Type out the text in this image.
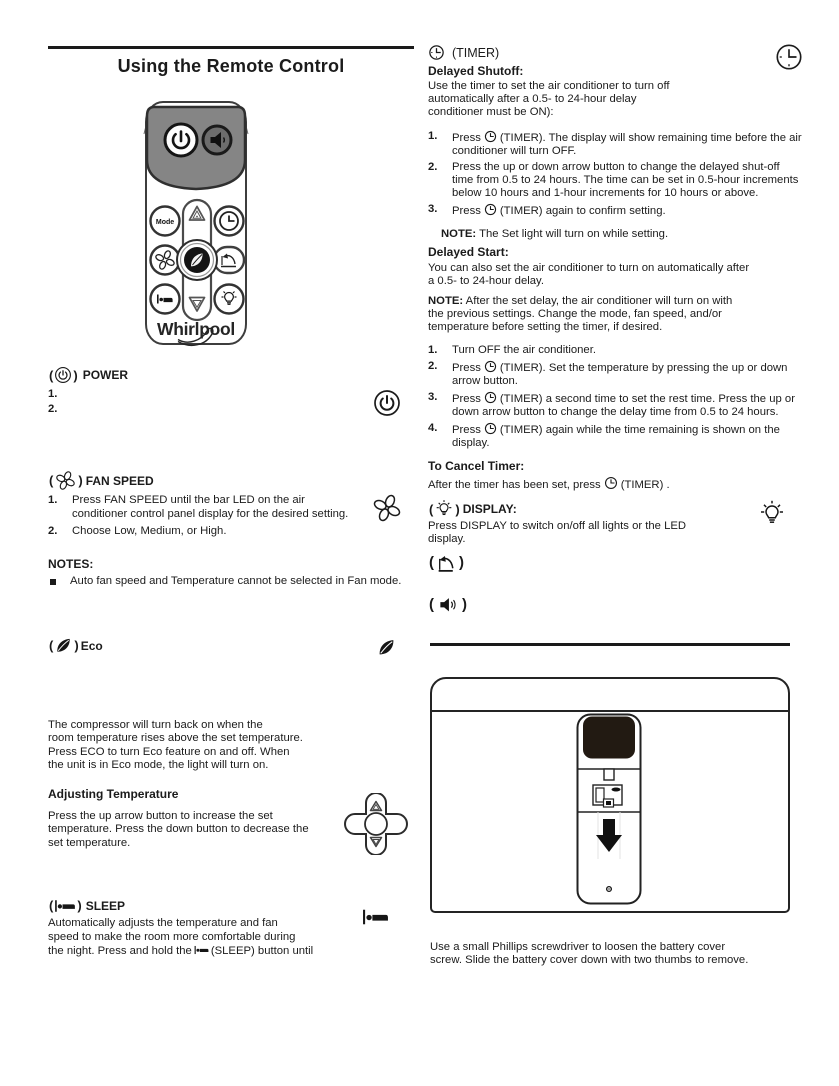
Using the Remote Control
Mode
Whirlpool
( ) POWER
1.
2.
( ) FAN SPEED
1.	Press FAN SPEED until the bar LED on the air conditioner control panel display for the desired setting.
2.	Choose Low, Medium, or High.
NOTES:
Auto fan speed and Temperature cannot be selected in Fan mode.
( ) Eco
The compressor will turn back on when the
room temperature rises above the set temperature.
Press ECO to turn Eco feature on and off. When
the unit is in Eco mode, the light will turn on.
Adjusting Temperature
Press the up arrow button to increase the set
temperature. Press the down button to decrease the
set temperature.
( ) SLEEP
Automatically adjusts the temperature and fan
speed to make the room more comfortable during
the night. Press and hold the (SLEEP) button until
(TIMER)
Delayed Shutoff:
Use the timer to set the air conditioner to turn off
automatically after a 0.5- to 24-hour delay
conditioner must be ON):
1.	Press (TIMER). The display will show remaining time before the air conditioner will turn OFF.
2.	Press the up or down arrow button to change the delayed shut-off time from 0.5 to 24 hours. The time can be set in 0.5-hour increments below 10 hours and 1-hour increments for 10 hours or above.
3.	Press (TIMER) again to confirm setting.
NOTE: The Set light will turn on while setting.
Delayed Start:
You can also set the air conditioner to turn on automatically after
a 0.5- to 24-hour delay.
NOTE: After the set delay, the air conditioner will turn on with
the previous settings. Change the mode, fan speed, and/or
temperature before setting the timer, if desired.
1.	Turn OFF the air conditioner.
2.	Press (TIMER). Set the temperature by pressing the up or down arrow button.
3.	Press (TIMER) a second time to set the rest time. Press the up or down arrow button to change the delay time from 0.5 to 24 hours.
4.	Press (TIMER) again while the time remaining is shown on the display.
To Cancel Timer:
After the timer has been set, press (TIMER) .
( ) DISPLAY:
Press DISPLAY to switch on/off all lights or the LED
display.
( )
( )
Use a small Phillips screwdriver to loosen the battery cover
screw. Slide the battery cover down with two thumbs to remove.
